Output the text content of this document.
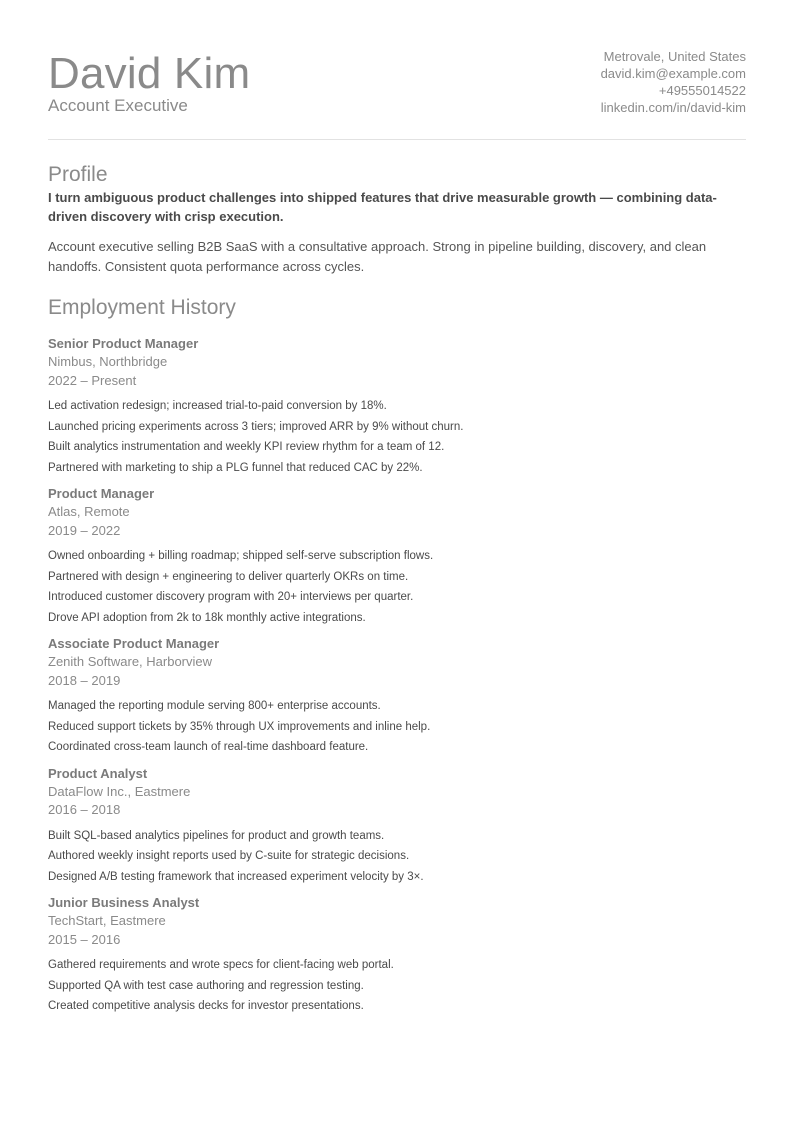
David Kim
Account Executive
Metrovale, United States
david.kim@example.com
+49555014522
linkedin.com/in/david-kim
Profile

I turn ambiguous product challenges into shipped features that drive measurable growth — combining data-driven discovery with crisp execution.

Account executive selling B2B SaaS with a consultative approach. Strong in pipeline building, discovery, and clean handoffs. Consistent quota performance across cycles.

Employment History
Senior Product Manager
Nimbus, Northbridge
2022 – Present
Led activation redesign; increased trial-to-paid conversion by 18%.
Launched pricing experiments across 3 tiers; improved ARR by 9% without churn.
Built analytics instrumentation and weekly KPI review rhythm for a team of 12.
Partnered with marketing to ship a PLG funnel that reduced CAC by 22%.
Product Manager
Atlas, Remote
2019 – 2022
Owned onboarding + billing roadmap; shipped self-serve subscription flows.
Partnered with design + engineering to deliver quarterly OKRs on time.
Introduced customer discovery program with 20+ interviews per quarter.
Drove API adoption from 2k to 18k monthly active integrations.
Associate Product Manager
Zenith Software, Harborview
2018 – 2019
Managed the reporting module serving 800+ enterprise accounts.
Reduced support tickets by 35% through UX improvements and inline help.
Coordinated cross-team launch of real-time dashboard feature.
Product Analyst
DataFlow Inc., Eastmere
2016 – 2018
Built SQL-based analytics pipelines for product and growth teams.
Authored weekly insight reports used by C-suite for strategic decisions.
Designed A/B testing framework that increased experiment velocity by 3×.
Junior Business Analyst
TechStart, Eastmere
2015 – 2016
Gathered requirements and wrote specs for client-facing web portal.
Supported QA with test case authoring and regression testing.
Created competitive analysis decks for investor presentations.
